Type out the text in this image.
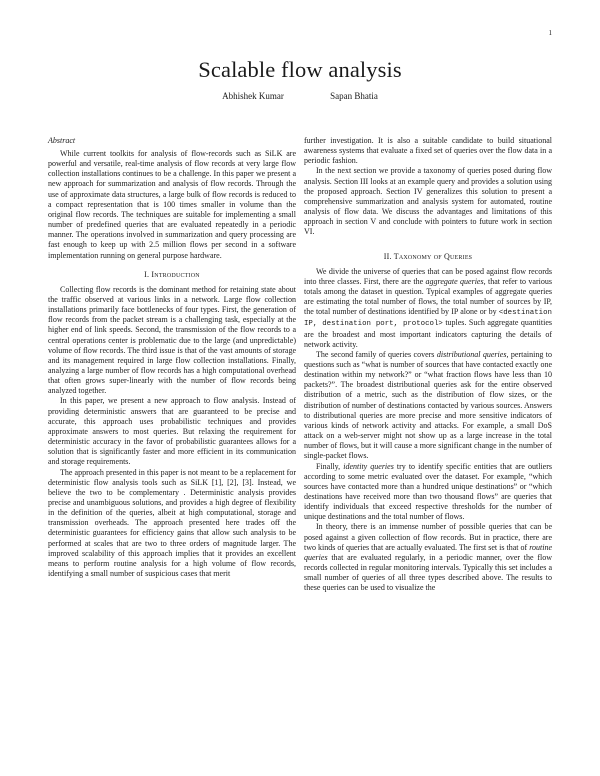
1
Scalable flow analysis
Abhishek Kumar	Sapan Bhatia
Abstract

While current toolkits for analysis of flow-records such as SiLK are powerful and versatile, real-time analysis of flow records at very large flow collection installations continues to be a challenge. In this paper we present a new approach for summarization and analysis of flow records. Through the use of approximate data structures, a large bulk of flow records is reduced to a compact representation that is 100 times smaller in volume than the original flow records. The techniques are suitable for implementing a small number of predefined queries that are evaluated repeatedly in a periodic manner. The operations involved in summarization and query processing are fast enough to keep up with 2.5 million flows per second in a software implementation running on general purpose hardware.

I. Introduction

Collecting flow records is the dominant method for retaining state about the traffic observed at various links in a network. Large flow collection installations primarily face bottlenecks of four types. First, the generation of flow records from the packet stream is a challenging task, especially at the higher end of link speeds. Second, the transmission of the flow records to a central operations center is problematic due to the large (and unpredictable) volume of flow records. The third issue is that of the vast amounts of storage and its management required in large flow collection installations. Finally, analyzing a large number of flow records has a high computational overhead that often grows super-linearly with the number of flow records being analyzed together.

In this paper, we present a new approach to flow analysis. Instead of providing deterministic answers that are guaranteed to be precise and accurate, this approach uses probabilistic techniques and provides approximate answers to most queries. But relaxing the requirement for deterministic accuracy in the favor of probabilistic guarantees allows for a solution that is significantly faster and more efficient in its communication and storage requirements.

The approach presented in this paper is not meant to be a replacement for deterministic flow analysis tools such as SiLK [1], [2], [3]. Instead, we believe the two to be complementary . Deterministic analysis provides precise and unambiguous solutions, and provides a high degree of flexibility in the definition of the queries, albeit at high computational, storage and transmission overheads. The approach presented here trades off the deterministic guarantees for efficiency gains that allow such analysis to be performed at scales that are two to three orders of magnitude larger. The improved scalability of this approach implies that it provides an excellent means to perform routine analysis for a high volume of flow records, identifying a small number of suspicious cases that merit

further investigation. It is also a suitable candidate to build situational awareness systems that evaluate a fixed set of queries over the flow data in a periodic fashion.

In the next section we provide a taxonomy of queries posed during flow analysis. Section III looks at an example query and provides a solution using the proposed approach. Section IV generalizes this solution to present a comprehensive summarization and analysis system for automated, routine analysis of flow data. We discuss the advantages and limitations of this approach in section V and conclude with pointers to future work in section VI.

II. Taxonomy of Queries

We divide the universe of queries that can be posed against flow records into three classes. First, there are the aggregate queries, that refer to various totals among the dataset in question. Typical examples of aggregate queries are estimating the total number of flows, the total number of sources by IP, the total number of destinations identified by IP alone or by <destination IP, destination port, protocol> tuples. Such aggregate quantities are the broadest and most important indicators capturing the details of network activity.

The second family of queries covers distributional queries, pertaining to questions such as “what is number of sources that have contacted exactly one destination within my network?” or “what fraction flows have less than 10 packets?”. The broadest distributional queries ask for the entire observed distribution of a metric, such as the distribution of flow sizes, or the distribution of number of destinations contacted by various sources. Answers to distributional queries are more precise and more sensitive indicators of various kinds of network activity and attacks. For example, a small DoS attack on a web-server might not show up as a large increase in the total number of flows, but it will cause a more significant change in the number of single-packet flows.

Finally, identity queries try to identify specific entities that are outliers according to some metric evaluated over the dataset. For example, “which sources have contacted more than a hundred unique destinations” or “which destinations have received more than two thousand flows” are queries that identify individuals that exceed respective thresholds for the number of unique destinations and the total number of flows.

In theory, there is an immense number of possible queries that can be posed against a given collection of flow records. But in practice, there are two kinds of queries that are actually evaluated. The first set is that of routine queries that are evaluated regularly, in a periodic manner, over the flow records collected in regular monitoring intervals. Typically this set includes a small number of queries of all three types described above. The results to these queries can be used to visualize the
